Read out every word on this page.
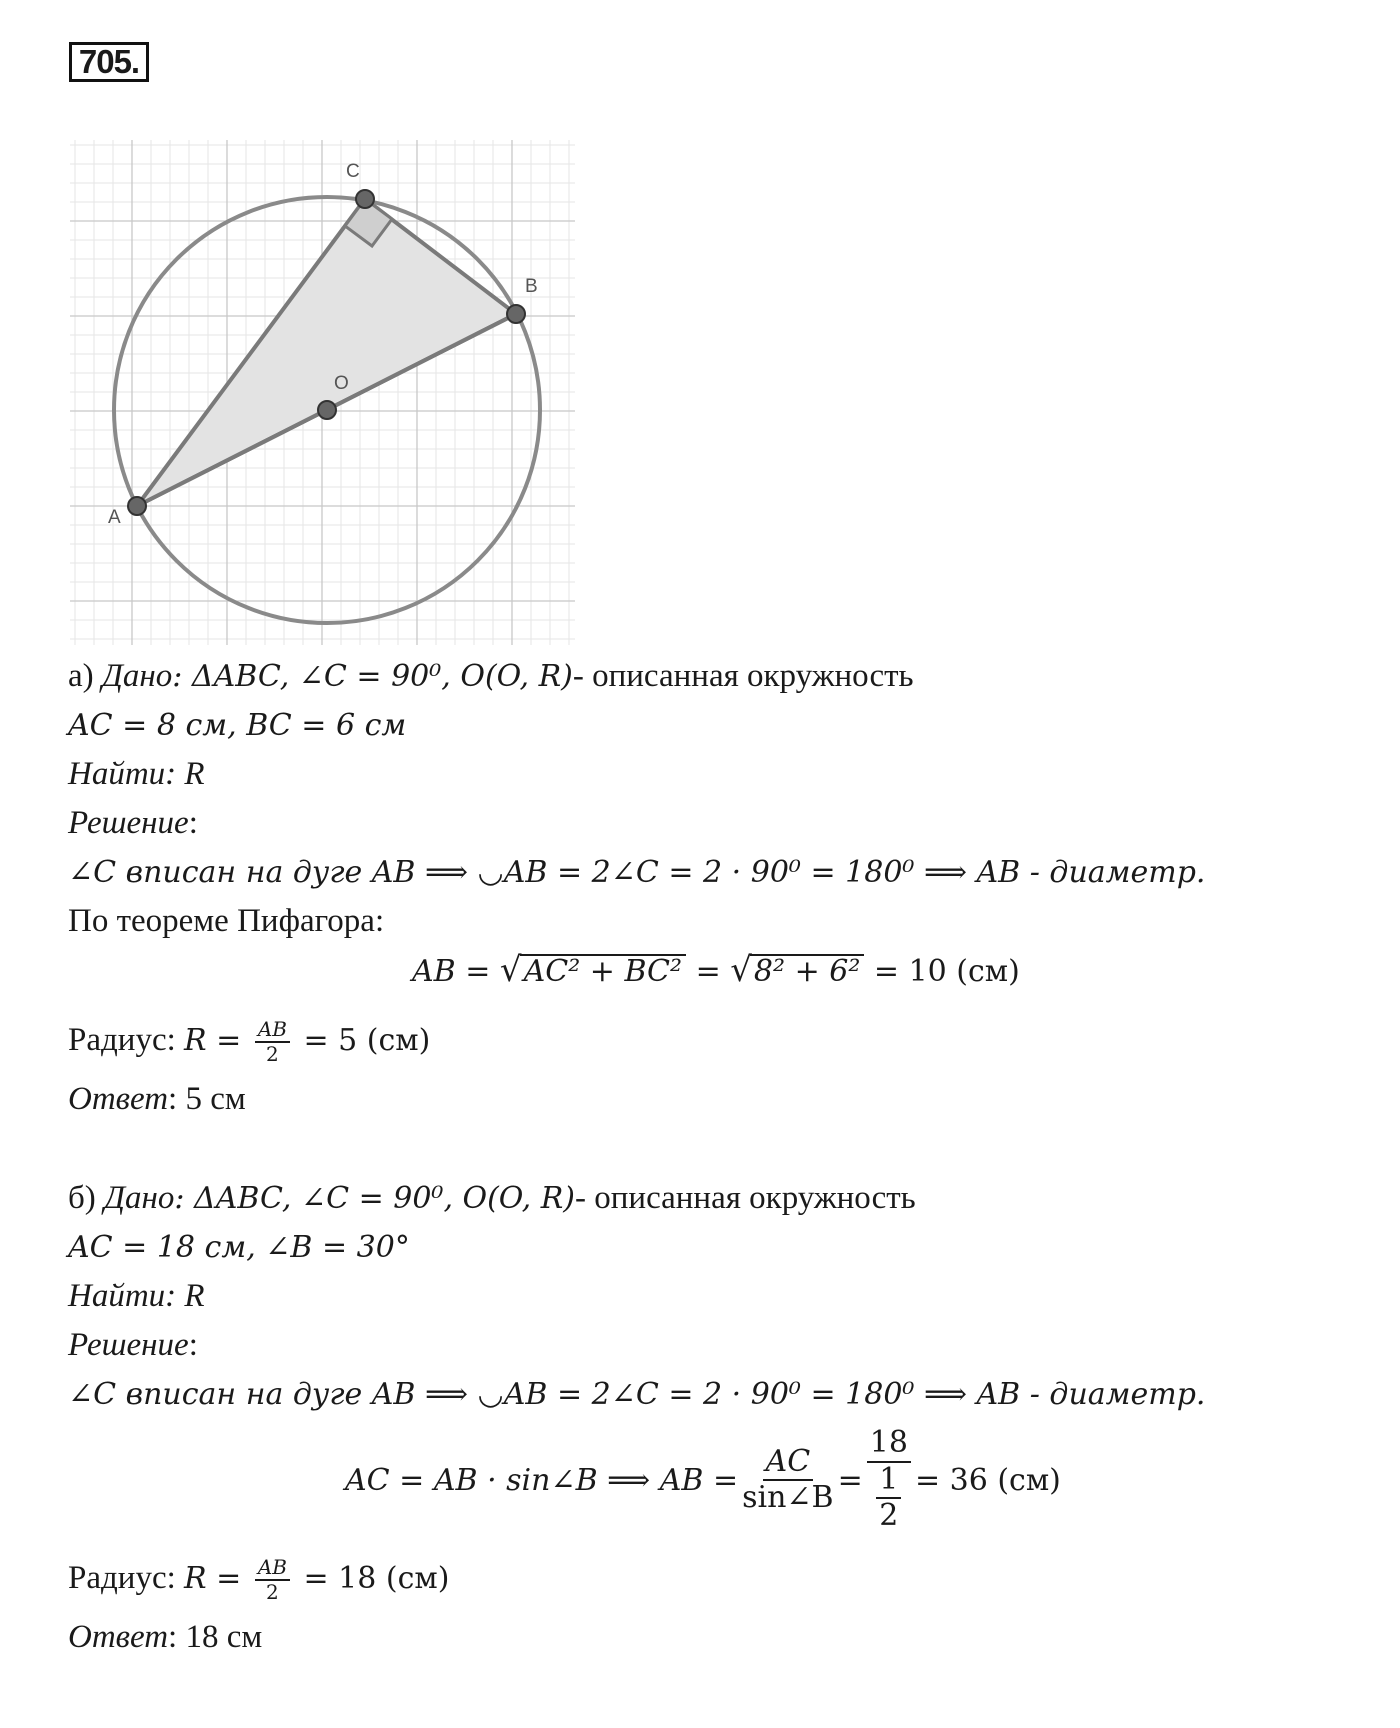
705.
A
B
C
O
а) Дано: ΔABC, ∠C = 90⁰, O(O, R)- описанная окружность
AC = 8 см, BC = 6 см
Найти: R
Решение:
∠C вписан на дуге AB ⟹ ◡AB = 2∠C = 2 · 90⁰ = 180⁰ ⟹ AB - диаметр.
По теореме Пифагора:
AB = √AC² + BC² = √8² + 6² = 10 (см)
Радиус: $R = \frac{AB}{2} = 5$ (см)
Ответ: 5 см
б) Дано: ΔABC, ∠C = 90⁰, O(O, R)- описанная окружность
AC = 18 см, ∠B = 30°
Найти: R
Решение:
∠C вписан на дуге AB ⟹ ◡AB = 2∠C = 2 · 90⁰ = 180⁰ ⟹ AB - диаметр.
AC = AB · sin∠B ⟹ AB = $\frac{AC}{\sin\angle B} = \frac{18}{\frac{1}{2}} = 36$ (см)
Радиус: $R = \frac{AB}{2} = 18$ (см)
Ответ: 18 см
